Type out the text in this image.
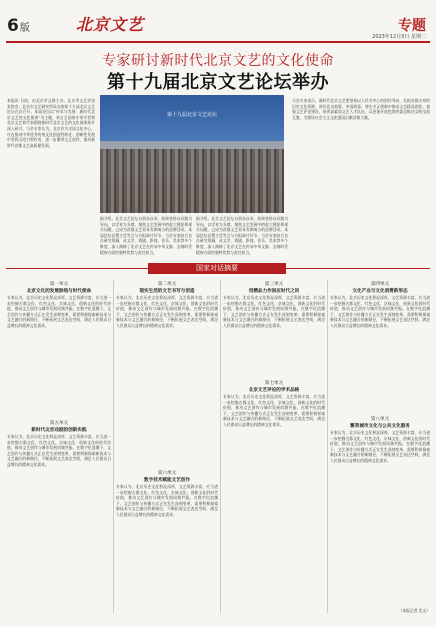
6版	北京文艺	专题
2023年12月5日 星期二
专家研讨新时代北京文艺的文化使命
第十九届北京文艺论坛举办
本报讯 日前，由北京市文联主办、北京市文艺评论家协会、北京市文艺研究所承办的第十九届北京文艺论坛在京召开。本届论坛以“传承与发展：新时代北京文艺的文化使命”为主题，来自全国的专家学者和北京文艺界代表围绕新时代北京文艺的文化使命展开深入研讨。与会专家认为，北京作为全国文化中心，应在推动中华优秀传统文化创造性转化、创新性发展中发挥示范引领作用，进一步繁荣文艺创作，推动新时代首都文艺高质量发展。
第十九届北京文艺论坛
论坛现场
据介绍，北京文艺论坛自创办以来，始终坚持以问题为导向，以学术为支撑，聚焦文艺发展中的重大理论和现实问题，已成为首都文艺界具有影响力的品牌活动。本届论坛设置主旨发言与分组研讨环节，与会专家结合各自研究领域，从文学、戏剧、影视、音乐、美术等多个维度，深入阐释了北京文艺在传承中华文脉、弘扬时代精神方面的独特优势与责任担当。
据介绍，北京文艺论坛自创办以来，始终坚持以问题为导向，以学术为支撑，聚焦文艺发展中的重大理论和现实问题，已成为首都文艺界具有影响力的品牌活动。本届论坛设置主旨发言与分组研讨环节，与会专家结合各自研究领域，从文学、戏剧、影视、音乐、美术等多个维度，深入阐释了北京文艺在传承中华文脉、弘扬时代精神方面的独特优势与责任担当。
与会专家表示，新时代北京文艺要坚持以人民为中心的创作导向，扎根首都丰厚的历史文化资源，讲好北京故事、中国故事。要在守正创新中推动文艺精品创作，加强文艺评论建设，培养高素质文艺人才队伍，以更加开放包容的姿态推动文明交流互鉴，为建设社会主义文化强国贡献首都力量。
国家对话摘要
第一单元
北京文化的发展脉络与时代使命
专家认为，北京历史文化积淀深厚，文艺资源丰富，应当进一步挖掘古都文化、红色文化、京味文化、创新文化的时代价值，推动文艺创作与城市发展同频共振。在数字化浪潮下，文艺创作与传播方式正在发生深刻变革，需要积极探索新技术与文艺融合的新路径，不断拓展文艺表达空间，满足人民群众日益增长的精神文化需求。
第五单元
新时代北京戏剧的创新实践
专家认为，北京历史文化积淀深厚，文艺资源丰富，应当进一步挖掘古都文化、红色文化、京味文化、创新文化的时代价值，推动文艺创作与城市发展同频共振。在数字化浪潮下，文艺创作与传播方式正在发生深刻变革，需要积极探索新技术与文艺融合的新路径，不断拓展文艺表达空间，满足人民群众日益增长的精神文化需求。
第二单元
现实生活的文艺书写与创造
专家认为，北京历史文化积淀深厚，文艺资源丰富，应当进一步挖掘古都文化、红色文化、京味文化、创新文化的时代价值，推动文艺创作与城市发展同频共振。在数字化浪潮下，文艺创作与传播方式正在发生深刻变革，需要积极探索新技术与文艺融合的新路径，不断拓展文艺表达空间，满足人民群众日益增长的精神文化需求。
第六单元
数字技术赋能文艺创作
专家认为，北京历史文化积淀深厚，文艺资源丰富，应当进一步挖掘古都文化、红色文化、京味文化、创新文化的时代价值，推动文艺创作与城市发展同频共振。在数字化浪潮下，文艺创作与传播方式正在发生深刻变革，需要积极探索新技术与文艺融合的新路径，不断拓展文艺表达空间，满足人民群众日益增长的精神文化需求。
第三单元
用精品力作回应时代之问
专家认为，北京历史文化积淀深厚，文艺资源丰富，应当进一步挖掘古都文化、红色文化、京味文化、创新文化的时代价值，推动文艺创作与城市发展同频共振。在数字化浪潮下，文艺创作与传播方式正在发生深刻变革，需要积极探索新技术与文艺融合的新路径，不断拓展文艺表达空间，满足人民群众日益增长的精神文化需求。
第七单元
北京文艺评论的学术品格
专家认为，北京历史文化积淀深厚，文艺资源丰富，应当进一步挖掘古都文化、红色文化、京味文化、创新文化的时代价值，推动文艺创作与城市发展同频共振。在数字化浪潮下，文艺创作与传播方式正在发生深刻变革，需要积极探索新技术与文艺融合的新路径，不断拓展文艺表达空间，满足人民群众日益增长的精神文化需求。
第四单元
文化产业与文化消费新形态
专家认为，北京历史文化积淀深厚，文艺资源丰富，应当进一步挖掘古都文化、红色文化、京味文化、创新文化的时代价值，推动文艺创作与城市发展同频共振。在数字化浪潮下，文艺创作与传播方式正在发生深刻变革，需要积极探索新技术与文艺融合的新路径，不断拓展文艺表达空间，满足人民群众日益增长的精神文化需求。
第八单元
繁荣城市文化与公共文化服务
专家认为，北京历史文化积淀深厚，文艺资源丰富，应当进一步挖掘古都文化、红色文化、京味文化、创新文化的时代价值，推动文艺创作与城市发展同频共振。在数字化浪潮下，文艺创作与传播方式正在发生深刻变革，需要积极探索新技术与文艺融合的新路径，不断拓展文艺表达空间，满足人民群众日益增长的精神文化需求。
（本报记者 北文）
